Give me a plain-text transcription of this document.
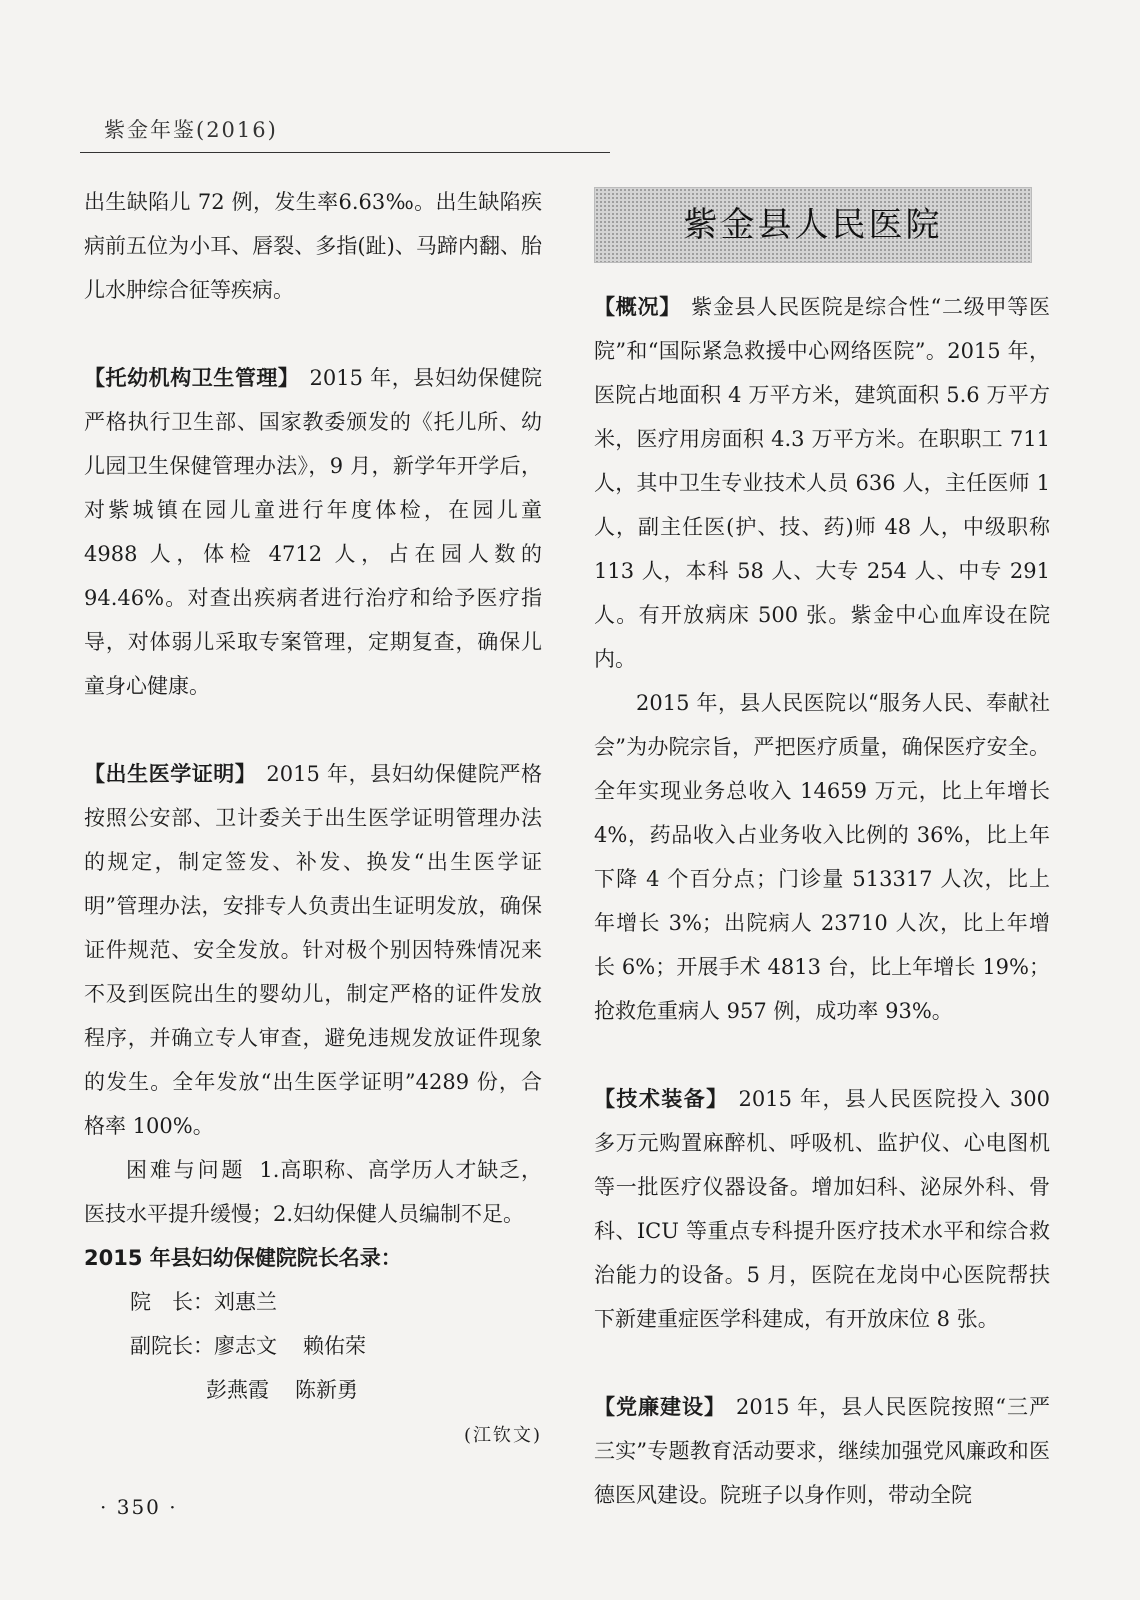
紫金年鉴(2016)

出生缺陷儿 72 例，发生率6.63‰。出生缺陷疾病前五位为小耳、唇裂、多指(趾)、马蹄内翻、胎儿水肿综合征等疾病。

【托幼机构卫生管理】 2015 年，县妇幼保健院严格执行卫生部、国家教委颁发的《托儿所、幼儿园卫生保健管理办法》，9 月，新学年开学后，对紫城镇在园儿童进行年度体检，在园儿童 4988 人，体检 4712 人，占在园人数的94.46%。对查出疾病者进行治疗和给予医疗指导，对体弱儿采取专案管理，定期复查，确保儿童身心健康。

【出生医学证明】 2015 年，县妇幼保健院严格按照公安部、卫计委关于出生医学证明管理办法的规定，制定签发、补发、换发“出生医学证明”管理办法，安排专人负责出生证明发放，确保证件规范、安全发放。针对极个别因特殊情况来不及到医院出生的婴幼儿，制定严格的证件发放程序，并确立专人审查，避免违规发放证件现象的发生。全年发放“出生医学证明”4289 份，合格率 100%。

困难与问题 1.高职称、高学历人才缺乏，医技水平提升缓慢；2.妇幼保健人员编制不足。

2015 年县妇幼保健院院长名录：

院　长：刘惠兰

副院长：廖志文 赖佑荣

彭燕霞 陈新勇

(江钦文)

紫金县人民医院

【概况】 紫金县人民医院是综合性“二级甲等医院”和“国际紧急救援中心网络医院”。2015 年，医院占地面积 4 万平方米，建筑面积 5.6 万平方米，医疗用房面积 4.3 万平方米。在职职工 711 人，其中卫生专业技术人员 636 人，主任医师 1 人，副主任医(护、技、药)师 48 人，中级职称 113 人，本科 58 人、大专 254 人、中专 291 人。有开放病床 500 张。紫金中心血库设在院内。

2015 年，县人民医院以“服务人民、奉献社会”为办院宗旨，严把医疗质量，确保医疗安全。全年实现业务总收入 14659 万元，比上年增长 4%，药品收入占业务收入比例的 36%，比上年下降 4 个百分点；门诊量 513317 人次，比上年增长 3%；出院病人 23710 人次，比上年增长 6%；开展手术 4813 台，比上年增长 19%；抢救危重病人 957 例，成功率 93%。

【技术装备】 2015 年，县人民医院投入 300 多万元购置麻醉机、呼吸机、监护仪、心电图机等一批医疗仪器设备。增加妇科、泌尿外科、骨科、ICU 等重点专科提升医疗技术水平和综合救治能力的设备。5 月，医院在龙岗中心医院帮扶下新建重症医学科建成，有开放床位 8 张。

【党廉建设】 2015 年，县人民医院按照“三严三实”专题教育活动要求，继续加强党风廉政和医德医风建设。院班子以身作则，带动全院

· 350 ·
